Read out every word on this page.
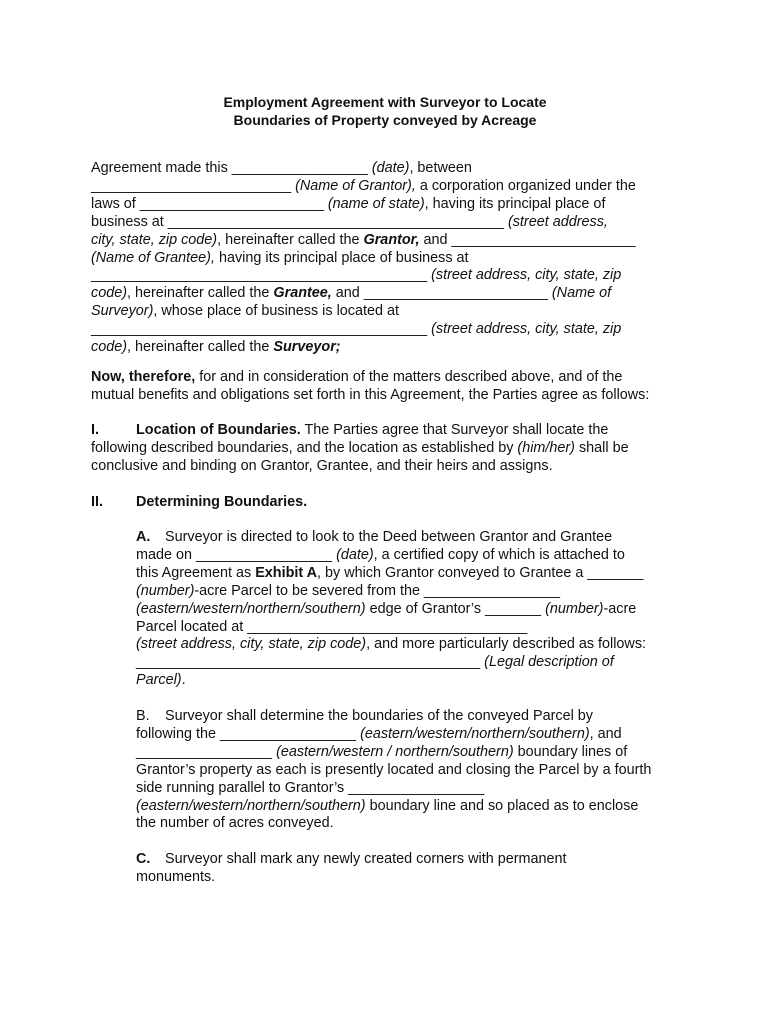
Employment Agreement with Surveyor to Locate
Boundaries of Property conveyed by Acreage
Agreement made this _________________ (date), between
_________________________ (Name of Grantor), a corporation organized under the
laws of _______________________ (name of state), having its principal place of
business at __________________________________________ (street address,
city, state, zip code), hereinafter called the Grantor, and _______________________
(Name of Grantee), having its principal place of business at
__________________________________________ (street address, city, state, zip
code), hereinafter called the Grantee, and _______________________ (Name of
Surveyor), whose place of business is located at
__________________________________________ (street address, city, state, zip
code), hereinafter called the Surveyor;
Now, therefore, for and in consideration of the matters described above, and of the
mutual benefits and obligations set forth in this Agreement, the Parties agree as follows:
I.	Location of Boundaries. The Parties agree that Surveyor shall locate the
following described boundaries, and the location as established by (him/her) shall be
conclusive and binding on Grantor, Grantee, and their heirs and assigns.
II. Determining Boundaries.
A. Surveyor is directed to look to the Deed between Grantor and Grantee
made on _________________ (date), a certified copy of which is attached to
this Agreement as Exhibit A, by which Grantor conveyed to Grantee a _______
(number)-acre Parcel to be severed from the _________________
(eastern/western/northern/southern) edge of Grantor’s _______ (number)-acre
Parcel located at ___________________________________
(street address, city, state, zip code), and more particularly described as follows:
___________________________________________ (Legal description of
Parcel).
B. Surveyor shall determine the boundaries of the conveyed Parcel by
following the _________________ (eastern/western/northern/southern), and
_________________ (eastern/western / northern/southern) boundary lines of
Grantor’s property as each is presently located and closing the Parcel by a fourth
side running parallel to Grantor’s _________________
(eastern/western/northern/southern) boundary line and so placed as to enclose
the number of acres conveyed.
C. Surveyor shall mark any newly created corners with permanent
monuments.
